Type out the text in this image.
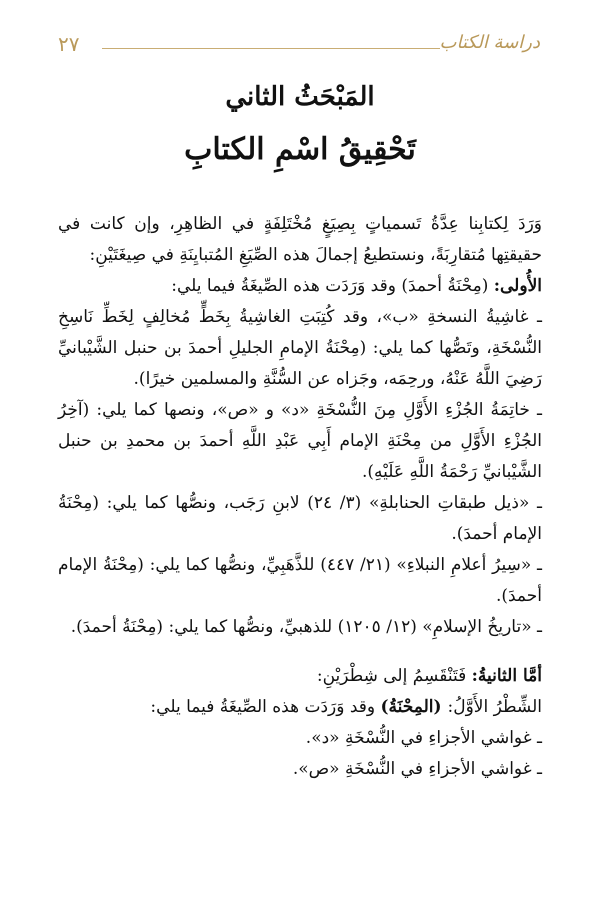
٢٧	دراسة الكتاب
المَبْحَثُ الثاني
تَحْقِيقُ اسْمِ الكتابِ

وَرَدَ لِكتابِنا عِدَّةُ تَسمياتٍ بِصِيَغٍ مُخْتَلِفَةٍ في الظاهِرِ، وإن كانت في حقيقتِها مُتقارِبَةً، ونستطيعُ إجمالَ هذه الصِّيَغِ المُتبايِنَةِ في صِيغَتَيْنِ:

الأُولى: (مِحْنَةُ أحمدَ) وقد وَرَدَت هذه الصِّيغَةُ فيما يلي:

ـ غاشِيةُ النسخةِ «ب»، وقد كُتِبَتِ الغاشِيةُ بِخَطٍّ مُخالِفٍ لِخَطِّ نَاسِخِ النُّسْخَةِ، وتَصُّها كما يلي: (مِحْنَةُ الإمامِ الجليلِ أحمدَ بن حنبل الشَّيْبانيِّ رَضِيَ اللَّهُ عَنْهُ، ورحِمَه، وجَزاه عن السُّنَّةِ والمسلمين خيرًا).

ـ خاتِمَةُ الجُزْءِ الأَوَّلِ مِنَ النُّسْخَةِ «د» و «ص»، ونصها كما يلي: (آخِرُ الجُزْءِ الأَوَّلِ من مِحْنَةِ الإمام أَبِي عَبْدِ اللَّهِ أحمدَ بن محمدِ بن حنبل الشَّيْبانيِّ رَحْمَةُ اللَّهِ عَلَيْهِ).

ـ «ذيل طبقاتِ الحنابلةِ» (٣/ ٢٤) لابنِ رَجَب، ونصُّها كما يلي: (مِحْنَةُ الإمام أحمدَ).

ـ «سِيرُ أعلامِ النبلاءِ» (٢١/ ٤٤٧) للذَّهَبِيِّ، ونصُّها كما يلي: (مِحْنَةُ الإمام أحمدَ).

ـ «تاريخُ الإسلامِ» (١٢/ ١٢٠٥) للذهبيِّ، ونصُّها كما يلي: (مِحْنَةُ أحمدَ).

أمَّا الثانيةُ: فَتَنْقَسِمُ إلى شِطْرَيْنِ:

الشِّطْرُ الأَوَّلُ: (المِحْنَةُ) وقد وَرَدَت هذه الصِّيغَةُ فيما يلي:

ـ غواشي الأجزاءِ في النُّسْخَةِ «د».

ـ غواشي الأجزاءِ في النُّسْخَةِ «ص».
